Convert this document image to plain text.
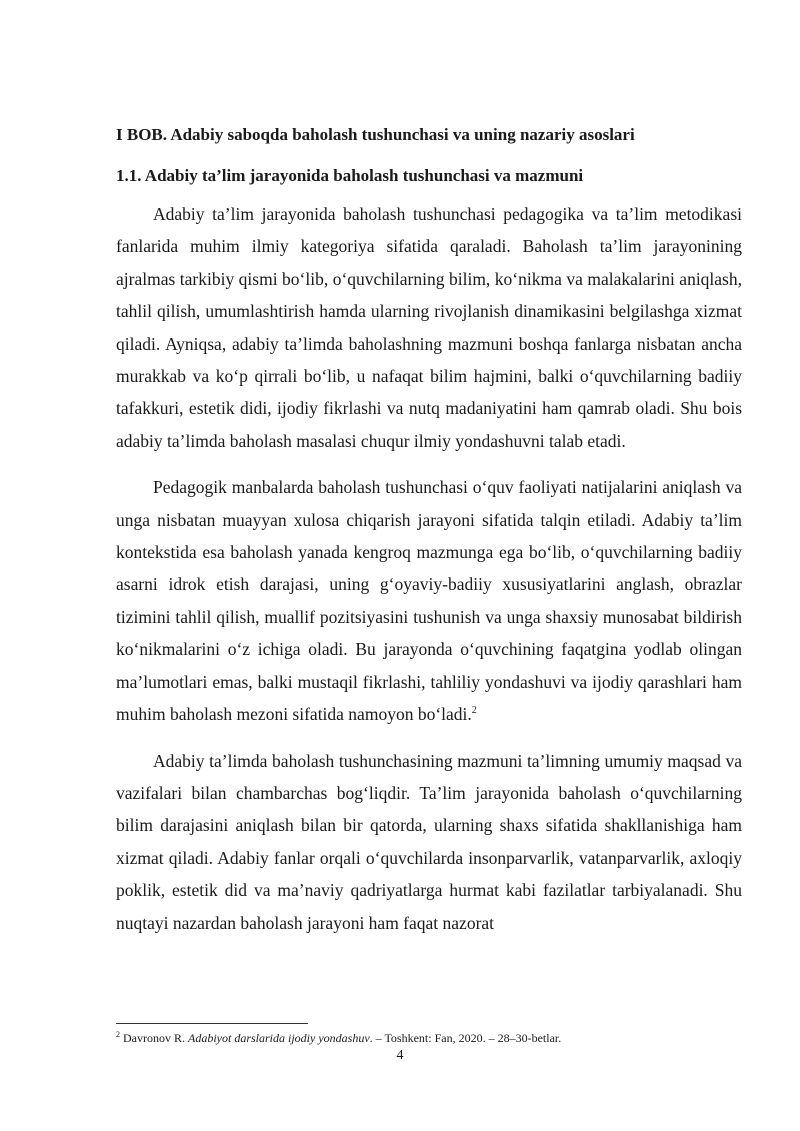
I BOB. Adabiy saboqda baholash tushunchasi va uning nazariy asoslari

1.1. Adabiy ta’lim jarayonida baholash tushunchasi va mazmuni

Adabiy ta’lim jarayonida baholash tushunchasi pedagogika va ta’lim metodikasi fanlarida muhim ilmiy kategoriya sifatida qaraladi. Baholash ta’lim jarayonining ajralmas tarkibiy qismi bo‘lib, o‘quvchilarning bilim, ko‘nikma va malakalarini aniqlash, tahlil qilish, umumlashtirish hamda ularning rivojlanish dinamikasini belgilashga xizmat qiladi. Ayniqsa, adabiy ta’limda baholashning mazmuni boshqa fanlarga nisbatan ancha murakkab va ko‘p qirrali bo‘lib, u nafaqat bilim hajmini, balki o‘quvchilarning badiiy tafakkuri, estetik didi, ijodiy fikrlashi va nutq madaniyatini ham qamrab oladi. Shu bois adabiy ta’limda baholash masalasi chuqur ilmiy yondashuvni talab etadi.

Pedagogik manbalarda baholash tushunchasi o‘quv faoliyati natijalarini aniqlash va unga nisbatan muayyan xulosa chiqarish jarayoni sifatida talqin etiladi. Adabiy ta’lim kontekstida esa baholash yanada kengroq mazmunga ega bo‘lib, o‘quvchilarning badiiy asarni idrok etish darajasi, uning g‘oyaviy-badiiy xususiyatlarini anglash, obrazlar tizimini tahlil qilish, muallif pozitsiyasini tushunish va unga shaxsiy munosabat bildirish ko‘nikmalarini o‘z ichiga oladi. Bu jarayonda o‘quvchining faqatgina yodlab olingan ma’lumotlari emas, balki mustaqil fikrlashi, tahliliy yondashuvi va ijodiy qarashlari ham muhim baholash mezoni sifatida namoyon bo‘ladi.$^2$

Adabiy ta’limda baholash tushunchasining mazmuni ta’limning umumiy maqsad va vazifalari bilan chambarchas bog‘liqdir. Ta’lim jarayonida baholash o‘quvchilarning bilim darajasini aniqlash bilan bir qatorda, ularning shaxs sifatida shakllanishiga ham xizmat qiladi. Adabiy fanlar orqali o‘quvchilarda insonparvarlik, vatanparvarlik, axloqiy poklik, estetik did va ma’naviy qadriyatlarga hurmat kabi fazilatlar tarbiyalanadi. Shu nuqtayi nazardan baholash jarayoni ham faqat nazorat

$^2$ Davronov R. Adabiyot darslarida ijodiy yondashuv. – Toshkent: Fan, 2020. – 28–30-betlar.
4
